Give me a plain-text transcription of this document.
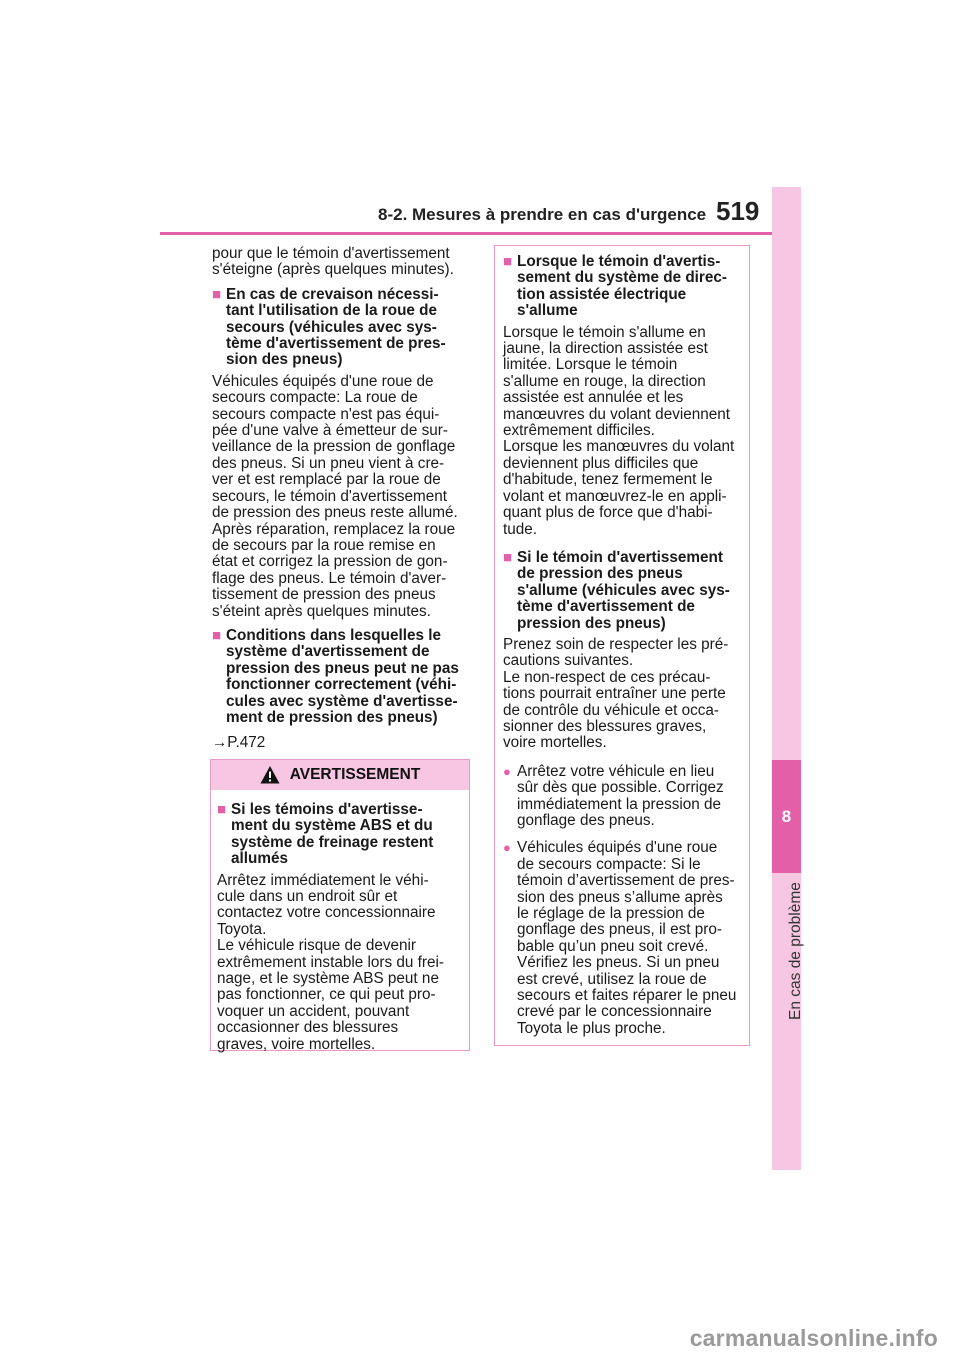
8-2. Mesures à prendre en cas d'urgence 519
8
En cas de problème
pour que le témoin d'avertissement
s'éteigne (après quelques minutes).
■ En cas de crevaison nécessi-
tant l'utilisation de la roue de
secours (véhicules avec sys-
tème d'avertissement de pres-
sion des pneus)
Véhicules équipés d'une roue de
secours compacte: La roue de
secours compacte n'est pas équi-
pée d'une valve à émetteur de sur-
veillance de la pression de gonflage
des pneus. Si un pneu vient à cre-
ver et est remplacé par la roue de
secours, le témoin d'avertissement
de pression des pneus reste allumé.
Après réparation, remplacez la roue
de secours par la roue remise en
état et corrigez la pression de gon-
flage des pneus. Le témoin d'aver-
tissement de pression des pneus
s'éteint après quelques minutes.
■ Conditions dans lesquelles le
système d'avertissement de
pression des pneus peut ne pas
fonctionner correctement (véhi-
cules avec système d'avertisse-
ment de pression des pneus)

→P.472

AVERTISSEMENT
■ Si les témoins d'avertisse-
ment du système ABS et du
système de freinage restent
allumés
Arrêtez immédiatement le véhi-
cule dans un endroit sûr et
contactez votre concessionnaire
Toyota.
Le véhicule risque de devenir
extrêmement instable lors du frei-
nage, et le système ABS peut ne
pas fonctionner, ce qui peut pro-
voquer un accident, pouvant
occasionner des blessures
graves, voire mortelles.
■ Lorsque le témoin d'avertis-
sement du système de direc-
tion assistée électrique
s'allume
Lorsque le témoin s'allume en
jaune, la direction assistée est
limitée. Lorsque le témoin
s'allume en rouge, la direction
assistée est annulée et les
manœuvres du volant deviennent
extrêmement difficiles.
Lorsque les manœuvres du volant
deviennent plus difficiles que
d'habitude, tenez fermement le
volant et manœuvrez-le en appli-
quant plus de force que d'habi-
tude.
■ Si le témoin d'avertissement
de pression des pneus
s'allume (véhicules avec sys-
tème d'avertissement de
pression des pneus)
Prenez soin de respecter les pré-
cautions suivantes.
Le non-respect de ces précau-
tions pourrait entraîner une perte
de contrôle du véhicule et occa-
sionner des blessures graves,
voire mortelles.
● Arrêtez votre véhicule en lieu
sûr dès que possible. Corrigez
immédiatement la pression de
gonflage des pneus.
● Véhicules équipés d'une roue
de secours compacte: Si le
témoin d’avertissement de pres-
sion des pneus s’allume après
le réglage de la pression de
gonflage des pneus, il est pro-
bable qu’un pneu soit crevé.
Vérifiez les pneus. Si un pneu
est crevé, utilisez la roue de
secours et faites réparer le pneu
crevé par le concessionnaire
Toyota le plus proche.
carmanualsonline.info
